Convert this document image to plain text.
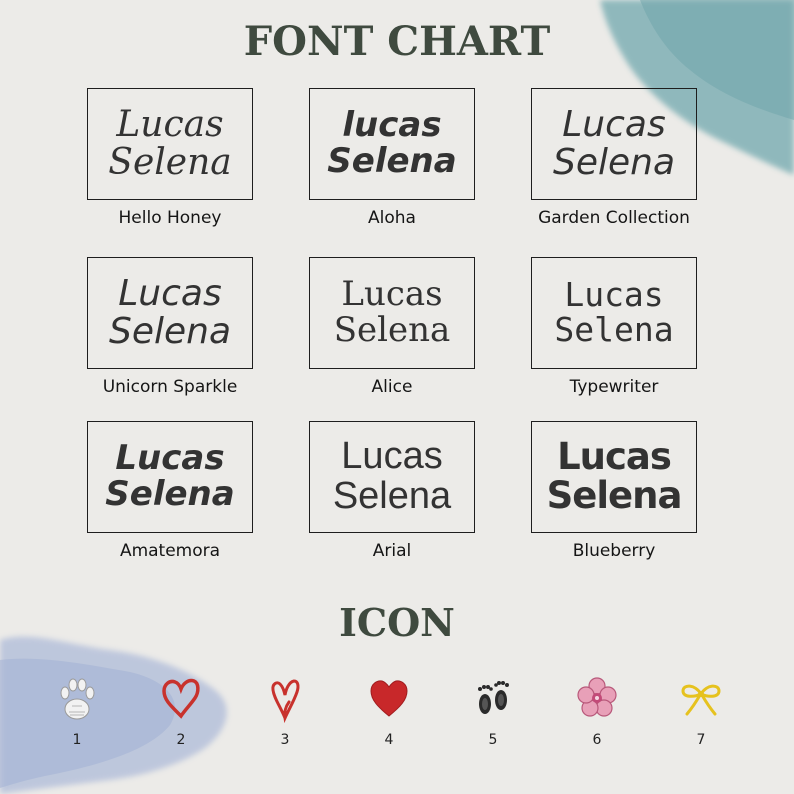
FONT CHART
Lucas
Selena
Hello Honey
lucas
Selena
Aloha
Lucas
Selena
Garden Collection
Lucas
Selena
Unicorn Sparkle
Lucas
Selena
Alice
Lucas
Selena
Typewriter
Lucas
Selena
Amatemora
Lucas
Selena
Arial
Lucas
Selena
Blueberry
ICON
1	2	3	4	5	6	7
